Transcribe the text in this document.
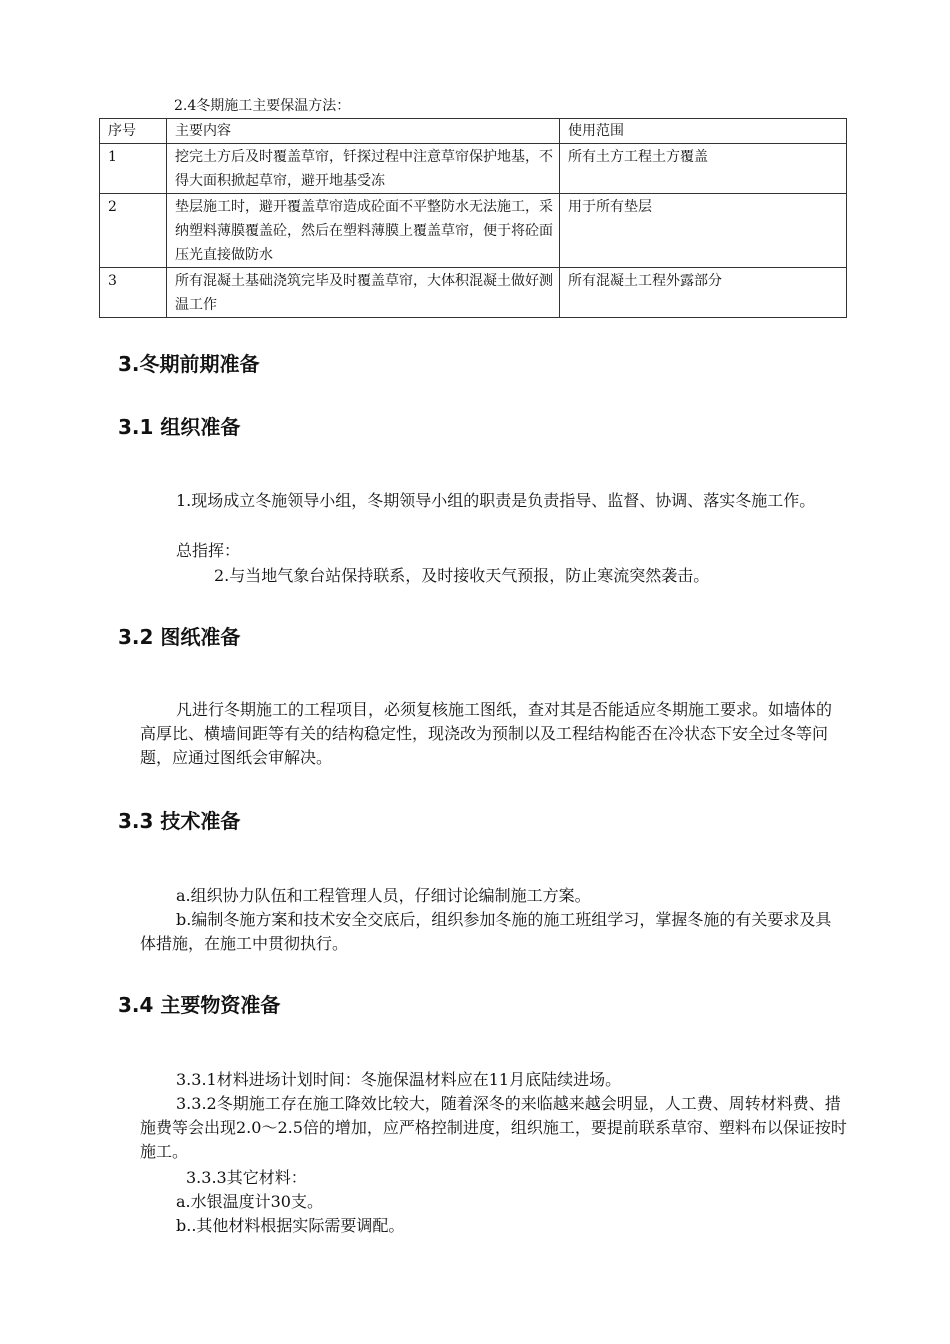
2.4冬期施工主要保温方法：
序号	主要内容	使用范围
1	挖完土方后及时覆盖草帘，钎探过程中注意草帘保护地基，不得大面积掀起草帘，避开地基受冻	所有土方工程土方覆盖
2	垫层施工时，避开覆盖草帘造成砼面不平整防水无法施工，采纳塑料薄膜覆盖砼，然后在塑料薄膜上覆盖草帘，便于将砼面压光直接做防水	用于所有垫层
3	所有混凝土基础浇筑完毕及时覆盖草帘，大体积混凝土做好测温工作	所有混凝土工程外露部分
3.冬期前期准备
3.1 组织准备

1.现场成立冬施领导小组，冬期领导小组的职责是负责指导、监督、协调、落实冬施工作。

总指挥：

2.与当地气象台站保持联系，及时接收天气预报，防止寒流突然袭击。

3.2 图纸准备

凡进行冬期施工的工程项目，必须复核施工图纸，查对其是否能适应冬期施工要求。如墙体的高厚比、横墙间距等有关的结构稳定性，现浇改为预制以及工程结构能否在冷状态下安全过冬等问题，应通过图纸会审解决。

3.3 技术准备

a.组织协力队伍和工程管理人员，仔细讨论编制施工方案。

b.编制冬施方案和技术安全交底后，组织参加冬施的施工班组学习，掌握冬施的有关要求及具体措施，在施工中贯彻执行。

3.4 主要物资准备

3.3.1材料进场计划时间：冬施保温材料应在11月底陆续进场。

3.3.2冬期施工存在施工降效比较大，随着深冬的来临越来越会明显，人工费、周转材料费、措施费等会出现2.0～2.5倍的增加，应严格控制进度，组织施工，要提前联系草帘、塑料布以保证按时施工。

3.3.3其它材料：

a.水银温度计30支。

b..其他材料根据实际需要调配。
